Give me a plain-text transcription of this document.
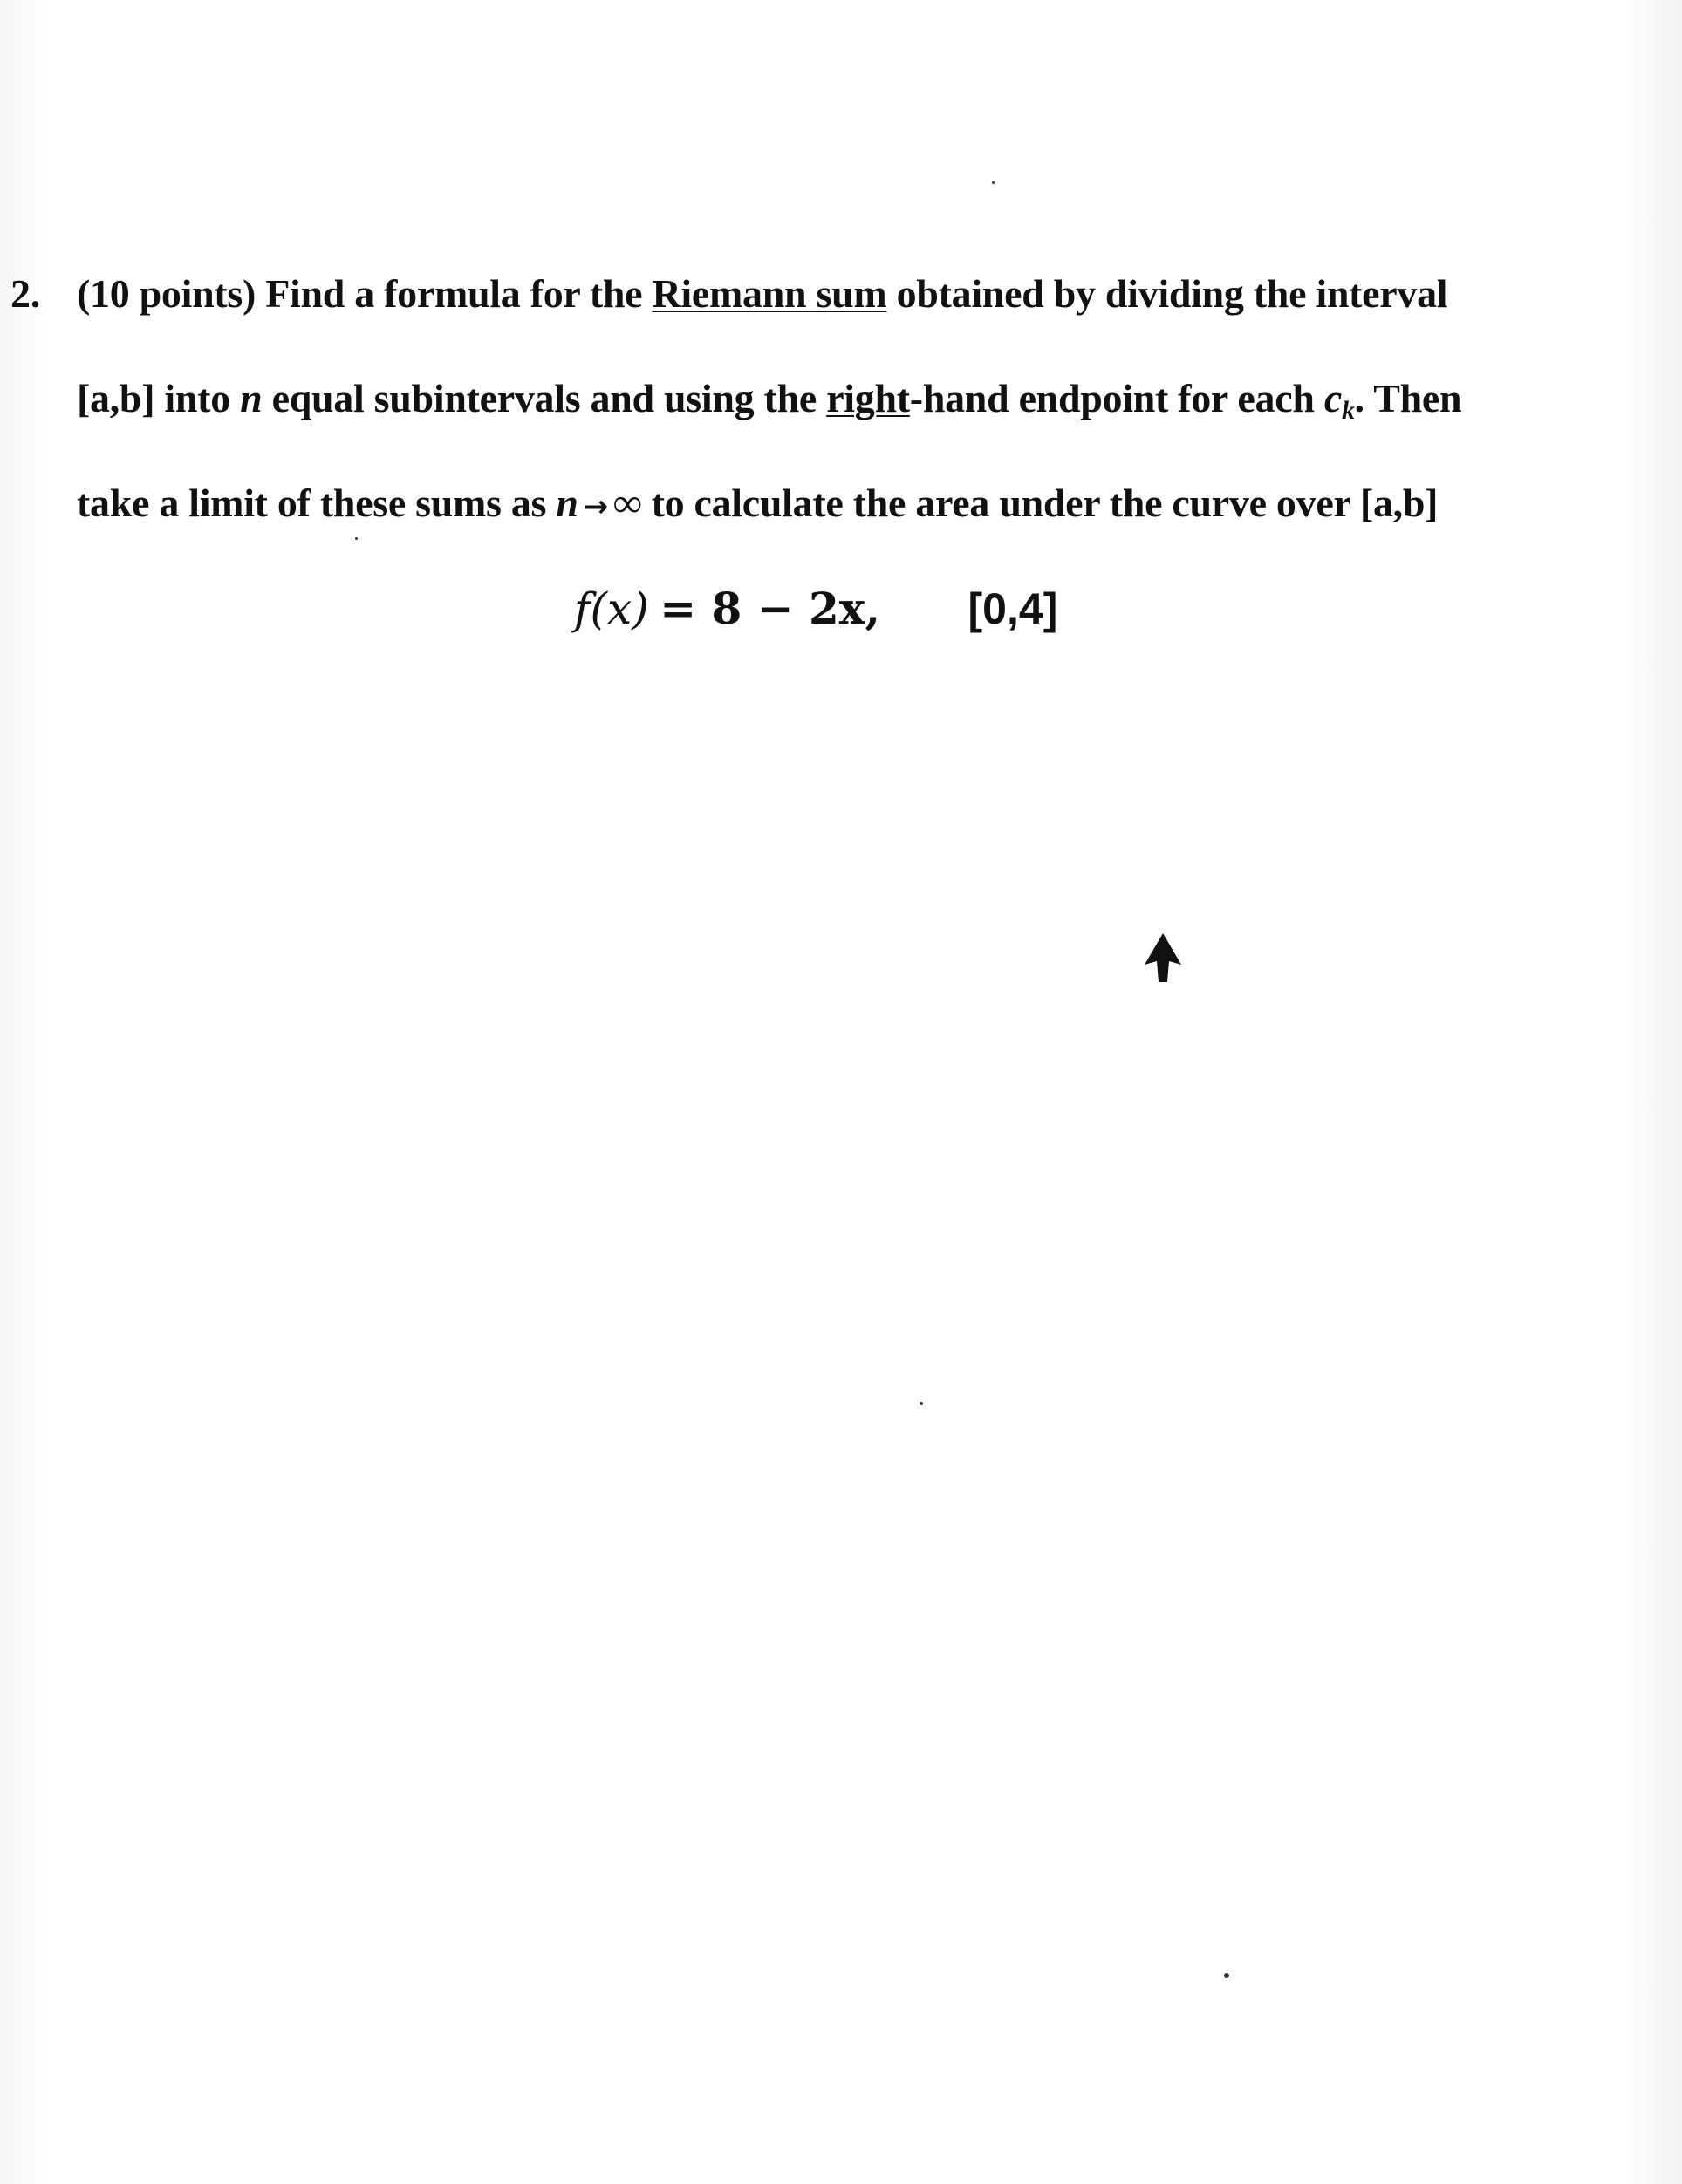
2. (10 points) Find a formula for the Riemann sum obtained by dividing the interval
[a,b] into n equal subintervals and using the right-hand endpoint for each $c_k$. Then
take a limit of these sums as n → ∞ to calculate the area under the curve over [a,b]
f(x) = 8 − 2x, [0,4]
